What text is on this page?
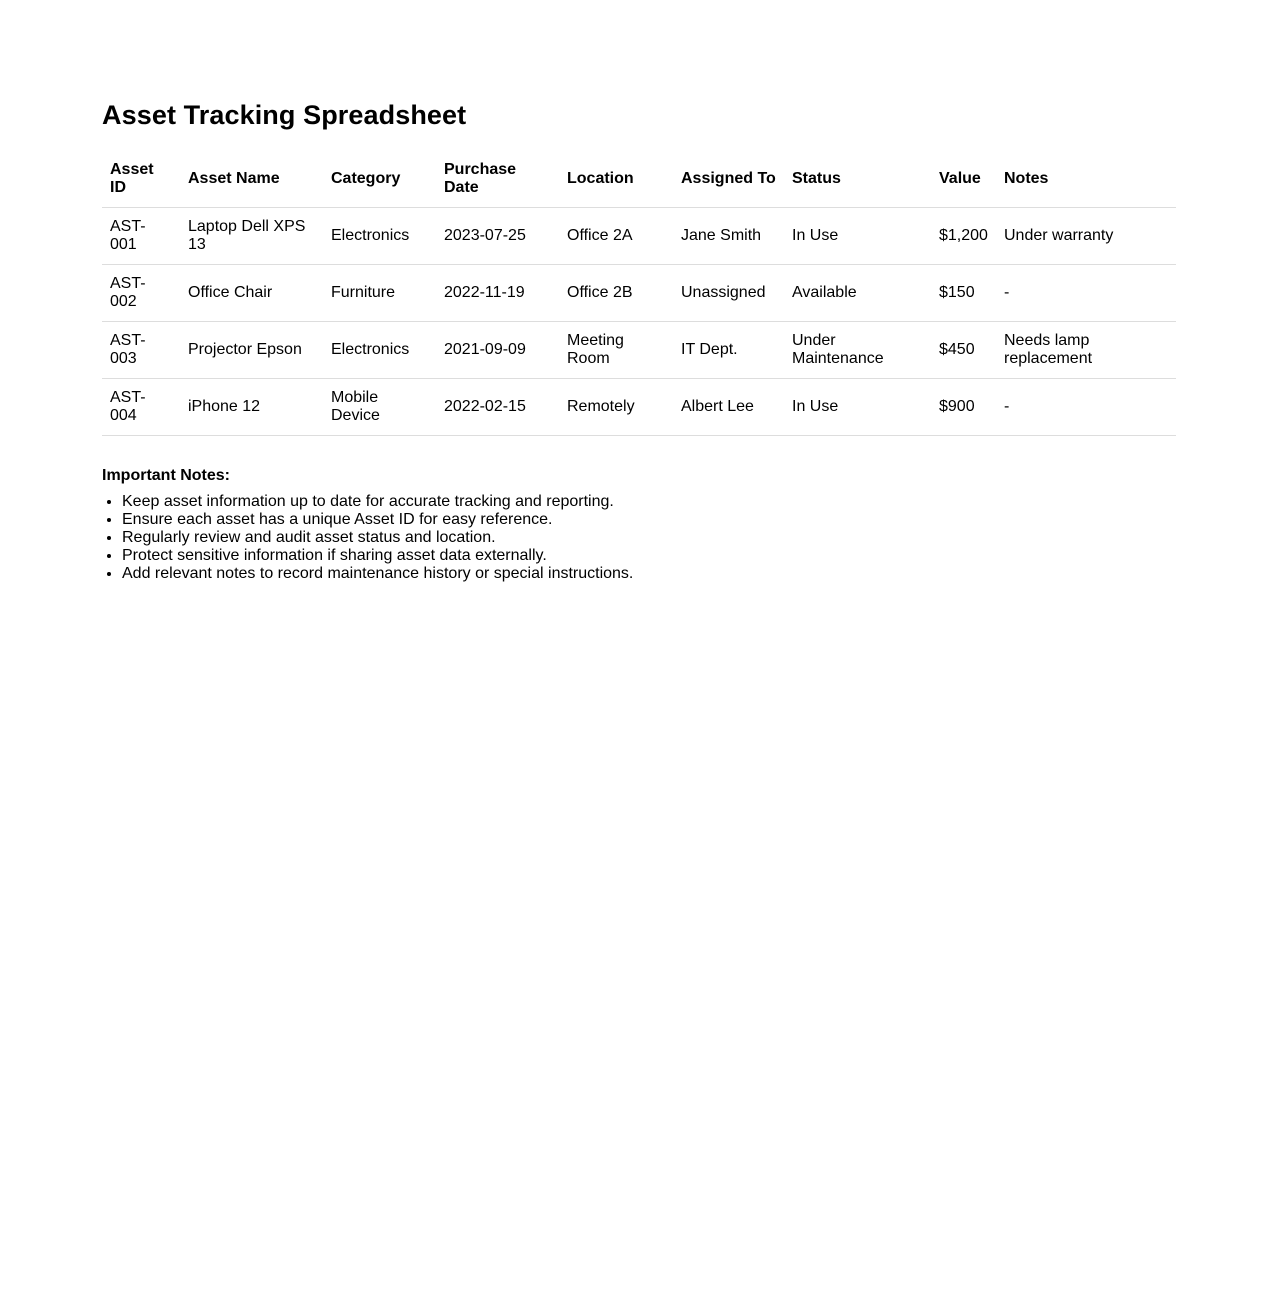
Asset Tracking Spreadsheet
Asset ID	Asset Name	Category	Purchase Date	Location	Assigned To	Status	Value	Notes
AST-001	Laptop Dell XPS 13	Electronics	2023-07-25	Office 2A	Jane Smith	In Use	$1,200	Under warranty
AST-002	Office Chair	Furniture	2022-11-19	Office 2B	Unassigned	Available	$150	-
AST-003	Projector Epson	Electronics	2021-09-09	Meeting Room	IT Dept.	Under Maintenance	$450	Needs lamp replacement
AST-004	iPhone 12	Mobile Device	2022-02-15	Remotely	Albert Lee	In Use	$900	-
Important Notes:
• Keep asset information up to date for accurate tracking and reporting.
• Ensure each asset has a unique Asset ID for easy reference.
• Regularly review and audit asset status and location.
• Protect sensitive information if sharing asset data externally.
• Add relevant notes to record maintenance history or special instructions.
